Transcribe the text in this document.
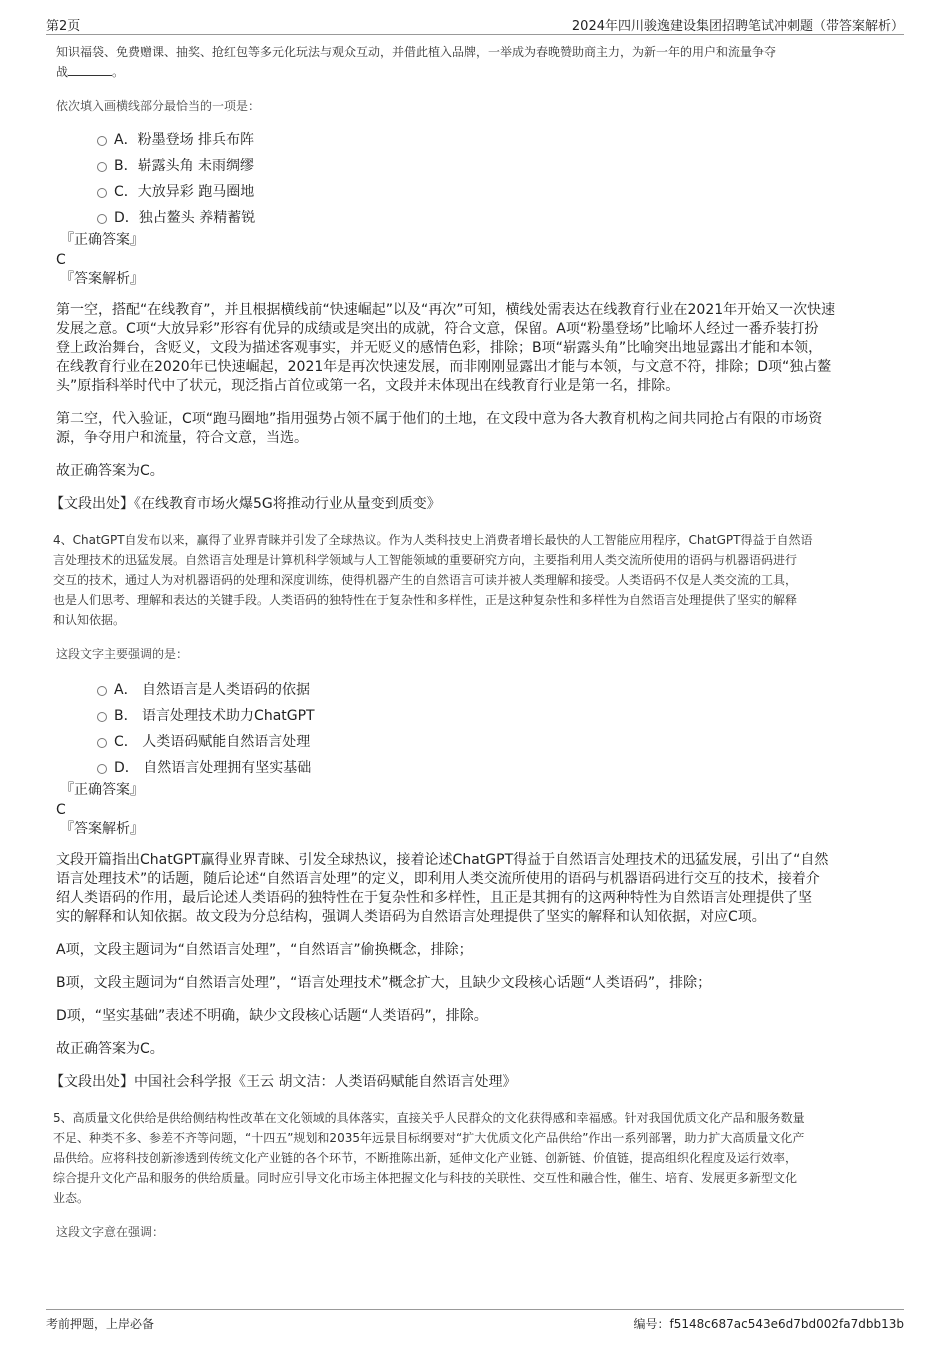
第2页	2024年四川骏逸建设集团招聘笔试冲刺题（带答案解析）

知识福袋、免费赠课、抽奖、抢红包等多元化玩法与观众互动，并借此植入品牌，一举成为春晚赞助商主力，为新一年的用户和流量争夺
战	。

依次填入画横线部分最恰当的一项是：

A．粉墨登场 排兵布阵
B．崭露头角 未雨绸缪
C．大放异彩 跑马圈地
D．独占鳌头 养精蓄锐

『正确答案』

C

『答案解析』

第一空，搭配“在线教育”，并且根据横线前“快速崛起”以及“再次”可知，横线处需表达在线教育行业在2021年开始又一次快速
发展之意。C项“大放异彩”形容有优异的成绩或是突出的成就，符合文意，保留。A项“粉墨登场”比喻坏人经过一番乔装打扮
登上政治舞台，含贬义，文段为描述客观事实，并无贬义的感情色彩，排除；B项“崭露头角”比喻突出地显露出才能和本领，
在线教育行业在2020年已快速崛起，2021年是再次快速发展，而非刚刚显露出才能与本领，与文意不符，排除；D项“独占鳌
头”原指科举时代中了状元，现泛指占首位或第一名，文段并未体现出在线教育行业是第一名，排除。
第二空，代入验证，C项“跑马圈地”指用强势占领不属于他们的土地，在文段中意为各大教育机构之间共同抢占有限的市场资
源，争夺用户和流量，符合文意，当选。
故正确答案为C。
【文段出处】《在线教育市场火爆5G将推动行业从量变到质变》
4、ChatGPT自发布以来，赢得了业界青睐并引发了全球热议。作为人类科技史上消费者增长最快的人工智能应用程序，ChatGPT得益于自然语
言处理技术的迅猛发展。自然语言处理是计算机科学领域与人工智能领域的重要研究方向，主要指利用人类交流所使用的语码与机器语码进行
交互的技术，通过人为对机器语码的处理和深度训练，使得机器产生的自然语言可读并被人类理解和接受。人类语码不仅是人类交流的工具，
也是人们思考、理解和表达的关键手段。人类语码的独特性在于复杂性和多样性，正是这种复杂性和多样性为自然语言处理提供了坚实的解释
和认知依据。

这段文字主要强调的是：

A． 自然语言是人类语码的依据
B． 语言处理技术助力ChatGPT
C． 人类语码赋能自然语言处理
D． 自然语言处理拥有坚实基础

『正确答案』

C

『答案解析』

文段开篇指出ChatGPT赢得业界青睐、引发全球热议，接着论述ChatGPT得益于自然语言处理技术的迅猛发展，引出了“自然
语言处理技术”的话题，随后论述“自然语言处理”的定义，即利用人类交流所使用的语码与机器语码进行交互的技术，接着介
绍人类语码的作用，最后论述人类语码的独特性在于复杂性和多样性，且正是其拥有的这两种特性为自然语言处理提供了坚
实的解释和认知依据。故文段为分总结构，强调人类语码为自然语言处理提供了坚实的解释和认知依据，对应C项。
A项，文段主题词为“自然语言处理”，“自然语言”偷换概念，排除；
B项，文段主题词为“自然语言处理”，“语言处理技术”概念扩大，且缺少文段核心话题“人类语码”，排除；
D项，“坚实基础”表述不明确，缺少文段核心话题“人类语码”，排除。
故正确答案为C。
【文段出处】中国社会科学报《王云 胡文洁：人类语码赋能自然语言处理》
5、高质量文化供给是供给侧结构性改革在文化领域的具体落实，直接关乎人民群众的文化获得感和幸福感。针对我国优质文化产品和服务数量
不足、种类不多、参差不齐等问题，“十四五”规划和2035年远景目标纲要对“扩大优质文化产品供给”作出一系列部署，助力扩大高质量文化产
品供给。应将科技创新渗透到传统文化产业链的各个环节，不断推陈出新，延伸文化产业链、创新链、价值链，提高组织化程度及运行效率，
综合提升文化产品和服务的供给质量。同时应引导文化市场主体把握文化与科技的关联性、交互性和融合性，催生、培育、发展更多新型文化
业态。

这段文字意在强调：

考前押题，上岸必备	编号：f5148c687ac543e6d7bd002fa7dbb13b
